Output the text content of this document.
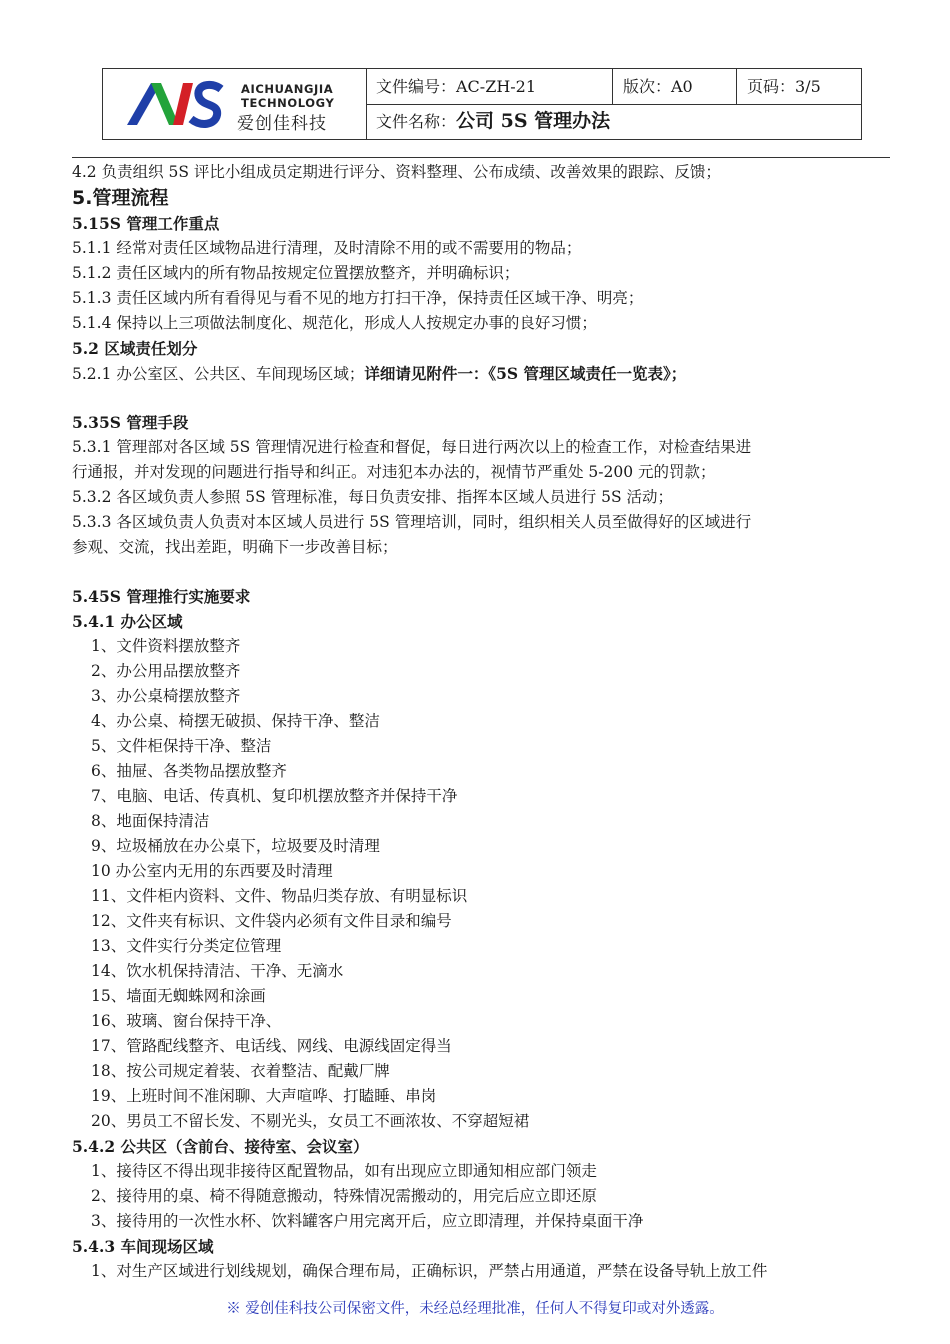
AICHUANGJIA
TECHNOLOGY
爱创佳科技
文件编号：AC-ZH-21	版次：A0	页码：3/5
文件名称：公司 5S 管理办法
4.2 负责组织 5S 评比小组成员定期进行评分、资料整理、公布成绩、改善效果的跟踪、反馈；
5.管理流程
5.15S 管理工作重点
5.1.1 经常对责任区域物品进行清理，及时清除不用的或不需要用的物品；
5.1.2 责任区域内的所有物品按规定位置摆放整齐，并明确标识；
5.1.3 责任区域内所有看得见与看不见的地方打扫干净，保持责任区域干净、明亮；
5.1.4 保持以上三项做法制度化、规范化，形成人人按规定办事的良好习惯；
5.2 区域责任划分
5.2.1 办公室区、公共区、车间现场区域；详细请见附件一：《5S 管理区域责任一览表》；
5.35S 管理手段
5.3.1 管理部对各区域 5S 管理情况进行检查和督促，每日进行两次以上的检查工作，对检查结果进
行通报，并对发现的问题进行指导和纠正。对违犯本办法的，视情节严重处 5-200 元的罚款；
5.3.2 各区域负责人参照 5S 管理标准，每日负责安排、指挥本区域人员进行 5S 活动；
5.3.3 各区域负责人负责对本区域人员进行 5S 管理培训，同时，组织相关人员至做得好的区域进行
参观、交流，找出差距，明确下一步改善目标；
5.45S 管理推行实施要求
5.4.1 办公区域
1、文件资料摆放整齐
2、办公用品摆放整齐
3、办公桌椅摆放整齐
4、办公桌、椅摆无破损、保持干净、整洁
5、文件柜保持干净、整洁
6、抽屉、各类物品摆放整齐
7、电脑、电话、传真机、复印机摆放整齐并保持干净
8、地面保持清洁
9、垃圾桶放在办公桌下，垃圾要及时清理
10 办公室内无用的东西要及时清理
11、文件柜内资料、文件、物品归类存放、有明显标识
12、文件夹有标识、文件袋内必须有文件目录和编号
13、文件实行分类定位管理
14、饮水机保持清洁、干净、无滴水
15、墙面无蜘蛛网和涂画
16、玻璃、窗台保持干净、
17、管路配线整齐、电话线、网线、电源线固定得当
18、按公司规定着装、衣着整洁、配戴厂牌
19、上班时间不准闲聊、大声喧哗、打瞌睡、串岗
20、男员工不留长发、不剔光头，女员工不画浓妆、不穿超短裙
5.4.2 公共区（含前台、接待室、会议室）
1、接待区不得出现非接待区配置物品，如有出现应立即通知相应部门领走
2、接待用的桌、椅不得随意搬动，特殊情况需搬动的，用完后应立即还原
3、接待用的一次性水杯、饮料罐客户用完离开后，应立即清理，并保持桌面干净
5.4.3 车间现场区域
1、对生产区域进行划线规划，确保合理布局，正确标识，严禁占用通道，严禁在设备导轨上放工件
※ 爱创佳科技公司保密文件，未经总经理批准，任何人不得复印或对外透露。
